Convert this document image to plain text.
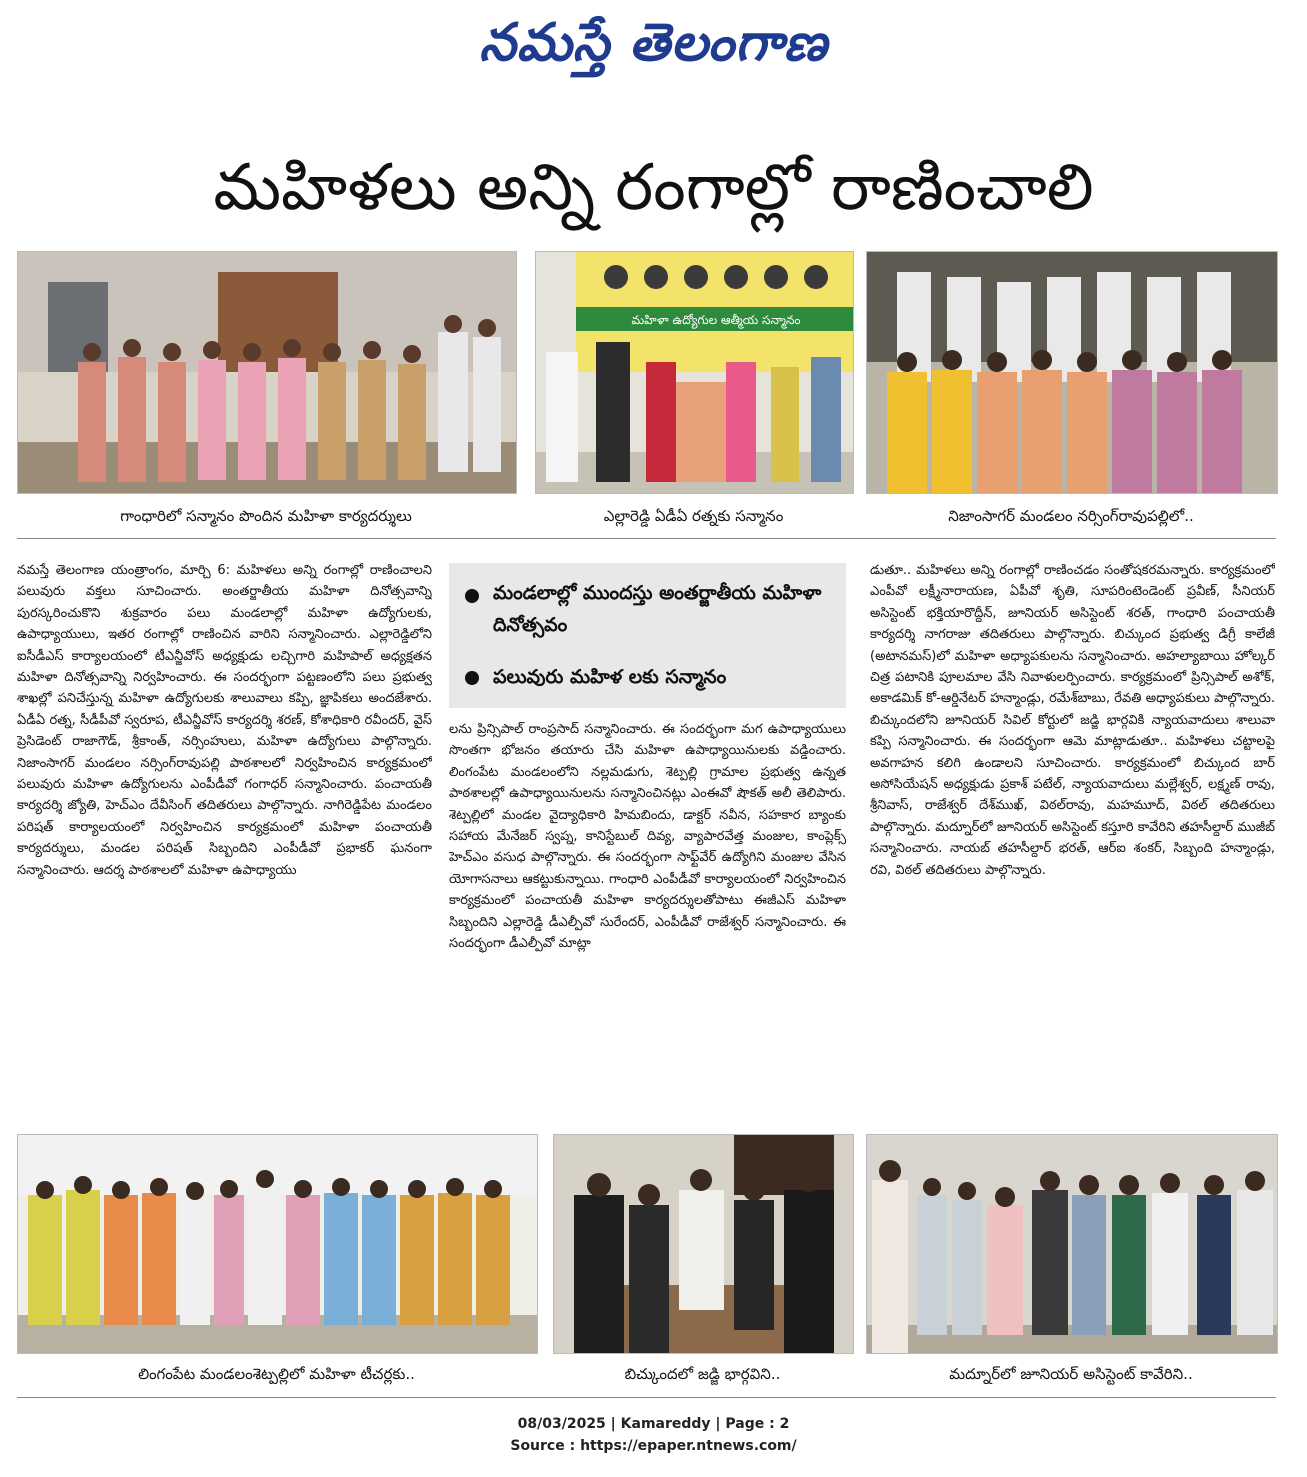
నమస్తే తెలంగాణ
మహిళలు అన్ని రంగాల్లో రాణించాలి
మహిళా ఉద్యోగుల ఆత్మీయ సన్మానం
గాంధారిలో సన్మానం పొందిన మహిళా కార్యదర్శులు	ఎల్లారెడ్డి ఏడీఏ రత్నకు సన్మానం	నిజాంసాగర్ మండలం నర్సింగ్‌రావుపల్లిలో..

నమస్తే తెలంగాణ యంత్రాంగం, మార్చి 6: మహిళలు అన్ని రంగాల్లో రాణించాలని పలువురు వక్తలు సూచించారు. అంతర్జాతీయ మహిళా దినోత్సవాన్ని పురస్కరించుకొని శుక్రవారం పలు మండలాల్లో మహిళా ఉద్యోగులకు, ఉపాధ్యాయులు, ఇతర రంగాల్లో రాణించిన వారిని సన్మానించారు. ఎల్లారెడ్డిలోని ఐసీడీఎస్ కార్యాలయంలో టీఎన్జీవోస్ అధ్యక్షుడు లచ్చిగారి మహిపాల్ అధ్యక్షతన మహిళా దినోత్సవాన్ని నిర్వహించారు. ఈ సందర్భంగా పట్టణంలోని పలు ప్రభుత్వ శాఖల్లో పనిచేస్తున్న మహిళా ఉద్యోగులకు శాలువాలు కప్పి, జ్ఞాపికలు అందజేశారు. ఏడీఏ రత్న, సీడీపీవో స్వరూప, టీఎన్జీవోస్ కార్యదర్శి శరణ్, కోశాధికారి రవీందర్, వైస్ ప్రెసిడెంట్ రాజాగౌడ్, శ్రీకాంత్, నర్సింహులు, మహిళా ఉద్యోగులు పాల్గొన్నారు. నిజాంసాగర్ మండలం నర్సింగ్‌రావుపల్లి పాఠశాలలో నిర్వహించిన కార్యక్రమంలో పలువురు మహిళా ఉద్యోగులను ఎంపీడీవో గంగాధర్ సన్మానించారు. పంచాయతీ కార్యదర్శి జ్యోతి, హెచ్ఎం దేవీసింగ్ తదితరులు పాల్గొన్నారు. నాగిరెడ్డిపేట మండలం పరిషత్ కార్యాలయంలో నిర్వహించిన కార్యక్రమంలో మహిళా పంచాయతీ కార్యదర్శులు, మండల పరిషత్ సిబ్బందిని ఎంపీడీవో ప్రభాకర్ ఘనంగా సన్మానించారు. ఆదర్శ పాఠశాలలో మహిళా ఉపాధ్యాయు

మండలాల్లో ముందస్తు అంతర్జాతీయ మహిళా దినోత్సవం
పలువురు మహిళ లకు సన్మానం

లను ప్రిన్సిపాల్ రాంప్రసాద్ సన్మానించారు. ఈ సందర్భంగా మగ ఉపాధ్యాయులు సొంతగా భోజనం తయారు చేసి మహిళా ఉపాధ్యాయినులకు వడ్డించారు. లింగంపేట మండలంలోని నల్లమడుగు, శెట్పల్లి గ్రామాల ప్రభుత్వ ఉన్నత పాఠశాలల్లో ఉపాధ్యాయినులను సన్మానించినట్లు ఎంఈవో షౌకత్ అలీ తెలిపారు. శెట్పల్లిలో మండల వైద్యాధికారి హిమబిందు, డాక్టర్ నవీన, సహకార బ్యాంకు సహాయ మేనేజర్ స్వప్న, కానిస్టేబుల్ దివ్య, వ్యాపారవేత్త మంజుల, కాంప్లెక్స్ హెచ్ఎం వసుధ పాల్గొన్నారు. ఈ సందర్భంగా సాఫ్ట్‌వేర్ ఉద్యోగిని మంజుల వేసిన యోగాసనాలు ఆకట్టుకున్నాయి. గాంధారి ఎంపీడీవో కార్యాలయంలో నిర్వహించిన కార్యక్రమంలో పంచాయతీ మహిళా కార్యదర్శులతోపాటు ఈజీఎస్ మహిళా సిబ్బందిని ఎల్లారెడ్డి డీఎల్పీవో సురేందర్, ఎంపీడీవో రాజేశ్వర్ సన్మానించారు. ఈ సందర్భంగా డీఎల్పీవో మాట్లా

డుతూ.. మహిళలు అన్ని రంగాల్లో రాణించడం సంతోషకరమన్నారు. కార్యక్రమంలో ఎంపీవో లక్ష్మీనారాయణ, ఏపీవో శృతి, సూపరింటెండెంట్ ప్రవీణ్, సీనియర్ అసిస్టెంట్ భక్తియారొద్దీన్, జూనియర్ అసిస్టెంట్ శరత్, గాంధారి పంచాయతీ కార్యదర్శి నాగరాజు తదితరులు పాల్గొన్నారు. బిచ్కుంద ప్రభుత్వ డిగ్రీ కాలేజీ (అటానమస్)లో మహిళా అధ్యాపకులను సన్మానించారు. అహల్యాబాయి హోల్కర్ చిత్ర పటానికి పూలమాల వేసి నివాళులర్పించారు. కార్యక్రమంలో ప్రిన్సిపాల్ అశోక్, అకాడమిక్ కో-ఆర్డినేటర్ హన్మాండ్లు, రమేశ్‌బాబు, రేవతి అధ్యాపకులు పాల్గొన్నారు. బిచ్కుందలోని జూనియర్ సివిల్ కోర్టులో జడ్జి భార్గవికి న్యాయవాదులు శాలువా కప్పి సన్మానించారు. ఈ సందర్భంగా ఆమె మాట్లాడుతూ.. మహిళలు చట్టాలపై అవగాహన కలిగి ఉండాలని సూచించారు. కార్యక్రమంలో బిచ్కుంద బార్ అసోసియేషన్ అధ్యక్షుడు ప్రకాశ్ పటేల్, న్యాయవాదులు మల్లేశ్వర్, లక్ష్మణ్ రావు, శ్రీనివాస్, రాజేశ్వర్ దేశ్‌ముఖ్, విఠల్‌రావు, మహమూద్, విఠల్ తదితరులు పాల్గొన్నారు. మద్నూర్‌లో జూనియర్ అసిస్టెంట్ కస్తూరి కావేరిని తహసీల్దార్ ముజీబ్ సన్మానించారు. నాయబ్ తహసీల్దార్ భరత్, ఆర్ఐ శంకర్, సిబ్బంది హన్మాండ్లు, రవి, విఠల్ తదితరులు పాల్గొన్నారు.

లింగంపేట మండలంశెట్పల్లిలో మహిళా టీచర్లకు..	బిచ్కుందలో జడ్జి భార్గవిని..	మద్నూర్‌లో జూనియర్ అసిస్టెంట్ కావేరిని..
08/03/2025 | Kamareddy | Page : 2
Source : https://epaper.ntnews.com/
